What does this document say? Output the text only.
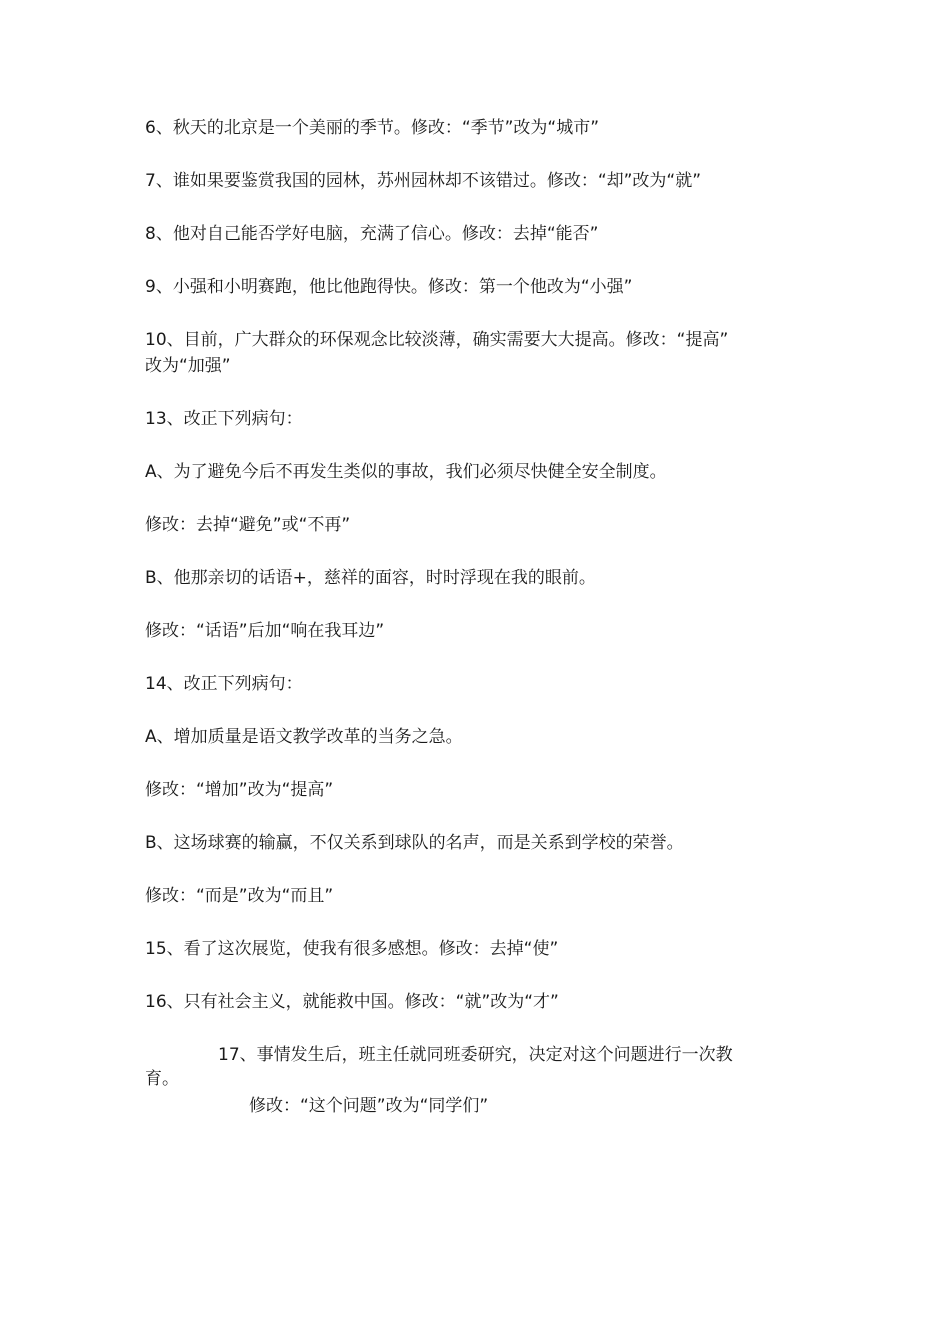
6、秋天的北京是一个美丽的季节。修改：“季节”改为“城市”
7、谁如果要鉴赏我国的园林，苏州园林却不该错过。修改：“却”改为“就”
8、他对自己能否学好电脑，充满了信心。修改：去掉“能否”
9、小强和小明赛跑，他比他跑得快。修改：第一个他改为“小强”
10、目前，广大群众的环保观念比较淡薄，确实需要大大提高。修改：“提高”
改为“加强”
13、改正下列病句：
A、为了避免今后不再发生类似的事故，我们必须尽快健全安全制度。
修改：去掉“避免”或“不再”
B、他那亲切的话语+，慈祥的面容，时时浮现在我的眼前。
修改：“话语”后加“响在我耳边”
14、改正下列病句：
A、增加质量是语文教学改革的当务之急。
修改：“增加”改为“提高”
B、这场球赛的输赢，不仅关系到球队的名声，而是关系到学校的荣誉。
修改：“而是”改为“而且”
15、看了这次展览，使我有很多感想。修改：去掉“使”
16、只有社会主义，就能救中国。修改：“就”改为“才”
17、事情发生后，班主任就同班委研究，决定对这个问题进行一次教
育。
修改：“这个问题”改为“同学们”
